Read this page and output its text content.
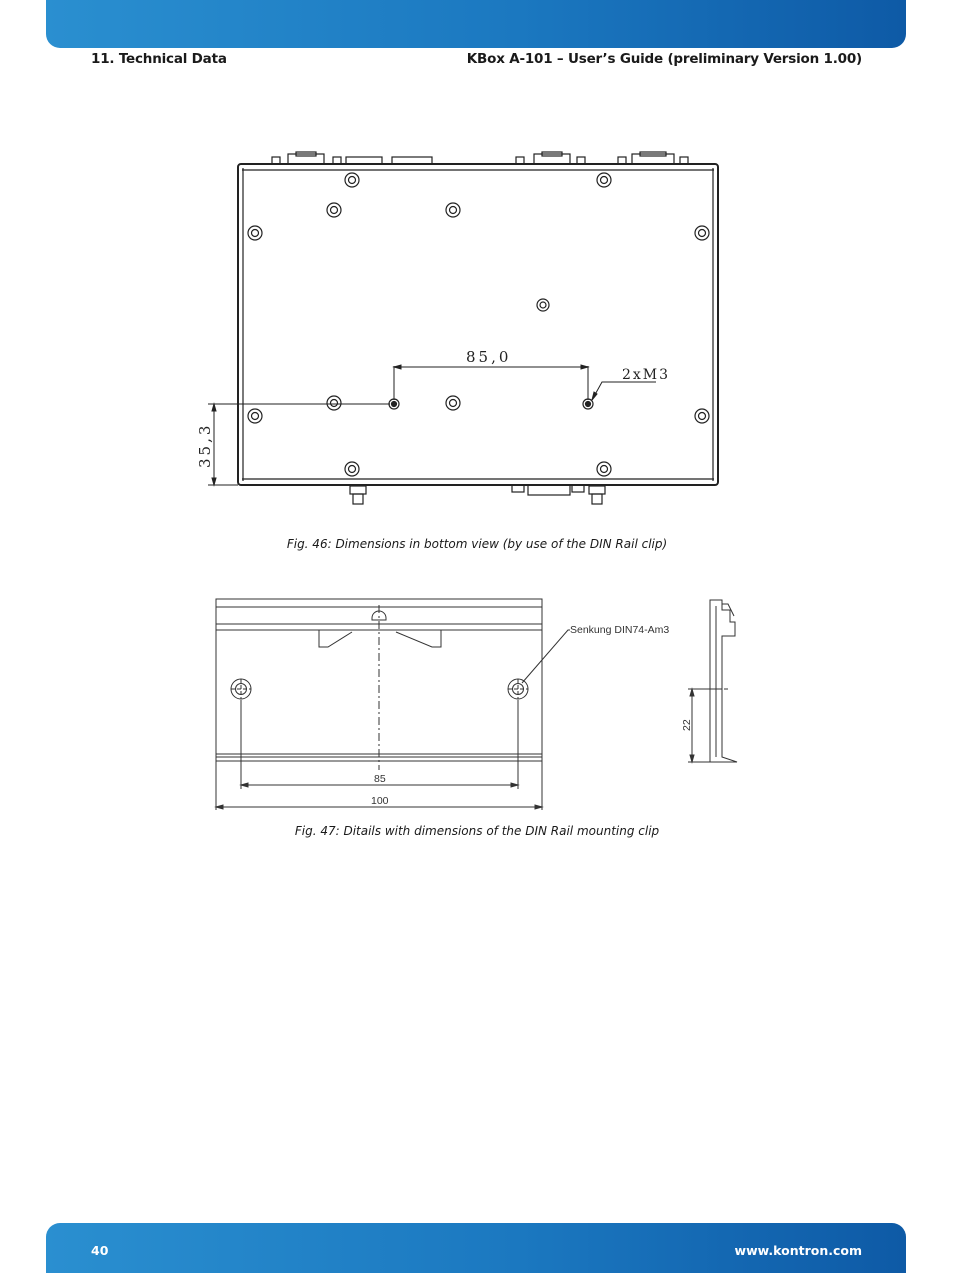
11. Technical Data	KBox A-101 – User’s Guide (preliminary Version 1.00)
85,0
2xM3
35,3
Fig. 46: Dimensions in bottom view (by use of the DIN Rail clip)
Senkung DIN74-Am3
85
100
22
Fig. 47: Ditails with dimensions of the DIN Rail mounting clip
40	www.kontron.com
